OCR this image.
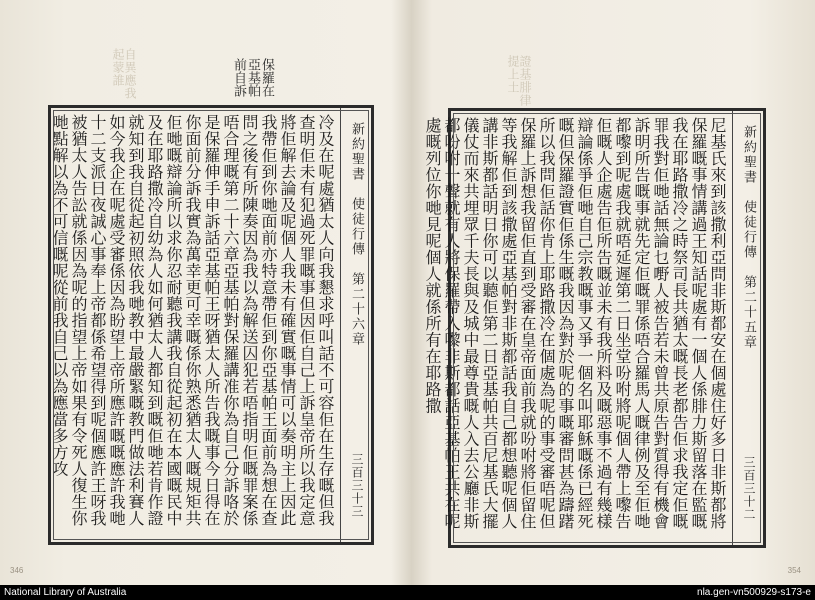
自異應我起蒙誰	保羅在亞基帕前自訴
新約聖書　使徒行傳　第二十六章
三百三十三
冷及在呢處猶太人向我懇求呼叫話不可容佢在生存嘅但我查明佢未有犯過死罪嘅事但因佢自己上訴皇帝所以我定意將佢解去論及呢個人我未有確實嘅事情可以奏明主上因此我帶佢到你哋面前亦特意帶佢到你亞基帕王面前為想在查問之後有所陳奏因為我以為解送囚犯若唔指明佢嘅罪案係唔合理嘅第二十六章亞基帕對保羅講准你為自己分訴咯於是保羅伸手申訴話亞基帕王呀猶太人所告我嘅事今日得在你面前分訴我實為萬幸更可幸嘅係你熟悉猶太人嘅規矩共佢哋嘅辯論所以求你忍耐聽我講我自從起初在本國嘅民中及在耶路撒冷自幼為人如何猶太人都知到嘅佢哋若肯作證就知到我自從起初照依我哋教中最嚴緊嘅教門做法利賽人如今我企在呢處受審係因為盼望上帝所應許嘅嘅應許我哋十二支派日夜誠心事奉上帝都係希望得到呢個應許王呀我被猶太人告訟就係因為呢的指望上帝如果有令死人復生你哋點解以為不可信嘅呢從前我自己以為應當多方攻
346
證基腓律提上土
新約聖書　使徒行傳　第二十五章
三百三十二
尼基氏來到該撒利亞問非斯都安在個處住好多日非斯都將保羅嘅事情講過王知話呢處有一個人係腓力斯留落在監嘅我在耶路撒冷之時祭司長共猶太嘅長老都告佢求我定佢嘅罪我對佢哋話無論乜嘢人被告若未曾共原告對質得有機會訴明所告嘅事就先定佢嘅罪係唔合羅馬人嘅律例及至佢哋都嚟到呢處我就唔延遲第二日坐堂吩咐將呢個人帶上嚟告佢嘅人企處告佢所告嘅並未有我所料及嘅惡事不過有幾樣辯論係爭佢哋自己宗教嘅事又爭一個名叫耶穌嘅係已經死嘅但保羅證實佢係生嘅我因為對於呢的事嘅審問甚為躊躇所以我問佢話你肯上耶路撒冷在個處為呢的事受審唔呢但保羅上訴想我留佢直到受審在皇帝面前我就吩咐將佢留住等我解佢到該撒處亞基帕對非斯都話我自己都想聽呢個人講非斯都話明日你可以聽佢第二日亞基帕共百尼基氏大擺儀仗而來共埋眾千夫長與及城中最尊貴嘅人入去公廳非斯都吩咐一聲就有人將保羅帶入嚟非斯都話亞基帕王共在呢處嘅列位你哋見呢個人就係所有在耶路撒
354
National Library of Australia	nla.gen-vn500929-s173-e
